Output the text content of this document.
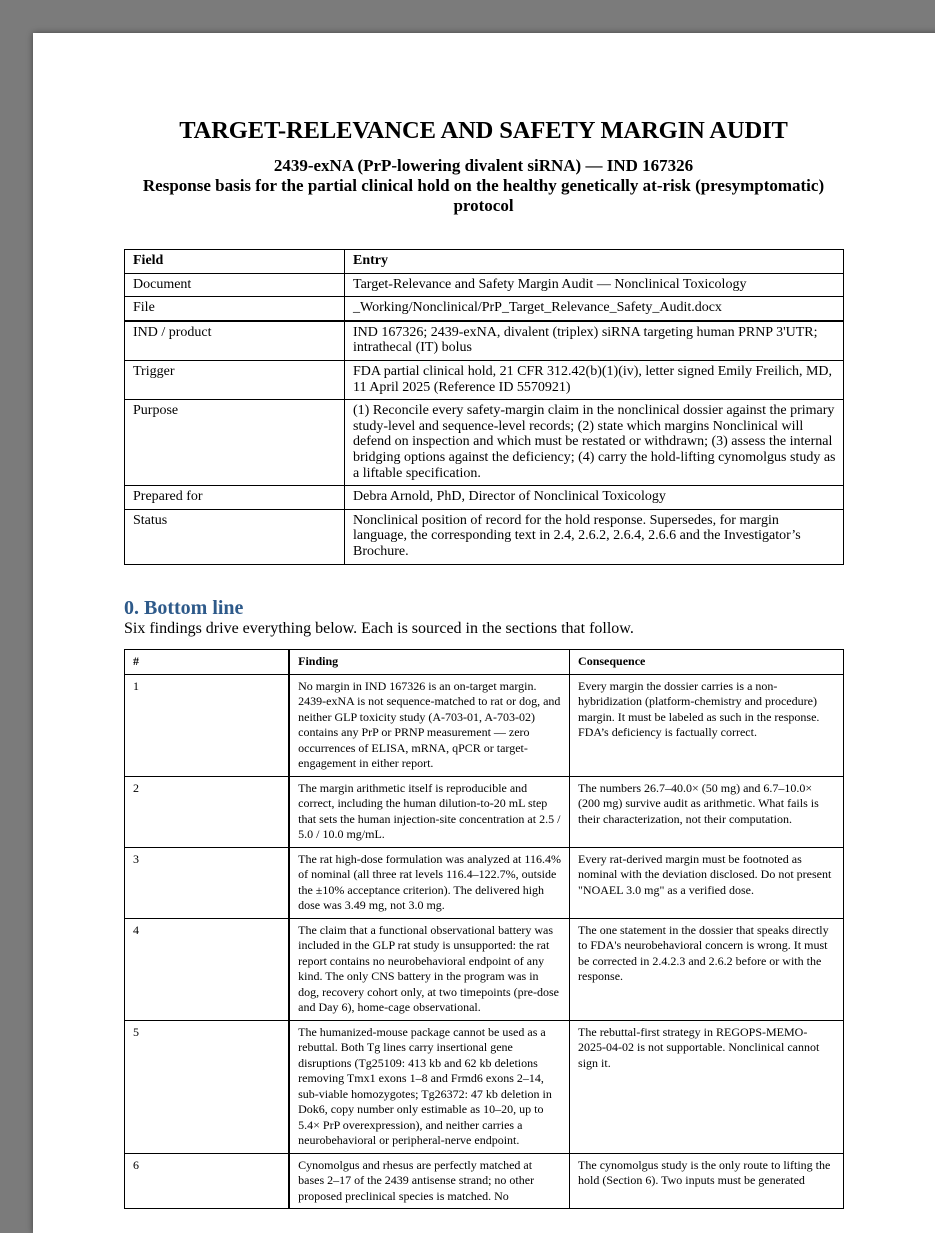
TARGET-RELEVANCE AND SAFETY MARGIN AUDIT

2439-exNA (PrP-lowering divalent siRNA) — IND 167326

Response basis for the partial clinical hold on the healthy genetically at-risk (presymptomatic) protocol

Field	Entry
Document	Target-Relevance and Safety Margin Audit — Nonclinical Toxicology
File	_Working/Nonclinical/PrP_Target_Relevance_Safety_Audit.docx
IND / product	IND 167326; 2439-exNA, divalent (triplex) siRNA targeting human PRNP 3'UTR; intrathecal (IT) bolus
Trigger	FDA partial clinical hold, 21 CFR 312.42(b)(1)(iv), letter signed Emily Freilich, MD, 11 April 2025 (Reference ID 5570921)
Purpose	(1) Reconcile every safety-margin claim in the nonclinical dossier against the primary study-level and sequence-level records; (2) state which margins Nonclinical will defend on inspection and which must be restated or withdrawn; (3) assess the internal bridging options against the deficiency; (4) carry the hold-lifting cynomolgus study as a liftable specification.
Prepared for	Debra Arnold, PhD, Director of Nonclinical Toxicology
Status	Nonclinical position of record for the hold response. Supersedes, for margin language, the corresponding text in 2.4, 2.6.2, 2.6.4, 2.6.6 and the Investigator’s Brochure.
0. Bottom line

Six findings drive everything below. Each is sourced in the sections that follow.

#	Finding	Consequence
1	No margin in IND 167326 is an on-target margin. 2439-exNA is not sequence-matched to rat or dog, and neither GLP toxicity study (A-703-01, A-703-02) contains any PrP or PRNP measurement — zero occurrences of ELISA, mRNA, qPCR or target-engagement in either report.	Every margin the dossier carries is a non-hybridization (platform-chemistry and procedure) margin. It must be labeled as such in the response. FDA’s deficiency is factually correct.
2	The margin arithmetic itself is reproducible and correct, including the human dilution-to-20 mL step that sets the human injection-site concentration at 2.5 / 5.0 / 10.0 mg/mL.	The numbers 26.7–40.0× (50 mg) and 6.7–10.0× (200 mg) survive audit as arithmetic. What fails is their characterization, not their computation.
3	The rat high-dose formulation was analyzed at 116.4% of nominal (all three rat levels 116.4–122.7%, outside the ±10% acceptance criterion). The delivered high dose was 3.49 mg, not 3.0 mg.	Every rat-derived margin must be footnoted as nominal with the deviation disclosed. Do not present "NOAEL 3.0 mg" as a verified dose.
4	The claim that a functional observational battery was included in the GLP rat study is unsupported: the rat report contains no neurobehavioral endpoint of any kind. The only CNS battery in the program was in dog, recovery cohort only, at two timepoints (pre-dose and Day 6), home-cage observational.	The one statement in the dossier that speaks directly to FDA's neurobehavioral concern is wrong. It must be corrected in 2.4.2.3 and 2.6.2 before or with the response.
5	The humanized-mouse package cannot be used as a rebuttal. Both Tg lines carry insertional gene disruptions (Tg25109: 413 kb and 62 kb deletions removing Tmx1 exons 1–8 and Frmd6 exons 2–14, sub-viable homozygotes; Tg26372: 47 kb deletion in Dok6, copy number only estimable as 10–20, up to 5.4× PrP overexpression), and neither carries a neurobehavioral or peripheral-nerve endpoint.	The rebuttal-first strategy in REGOPS-MEMO-2025-04-02 is not supportable. Nonclinical cannot sign it.
6	Cynomolgus and rhesus are perfectly matched at bases 2–17 of the 2439 antisense strand; no other proposed preclinical species is matched. No	The cynomolgus study is the only route to lifting the hold (Section 6). Two inputs must be generated
